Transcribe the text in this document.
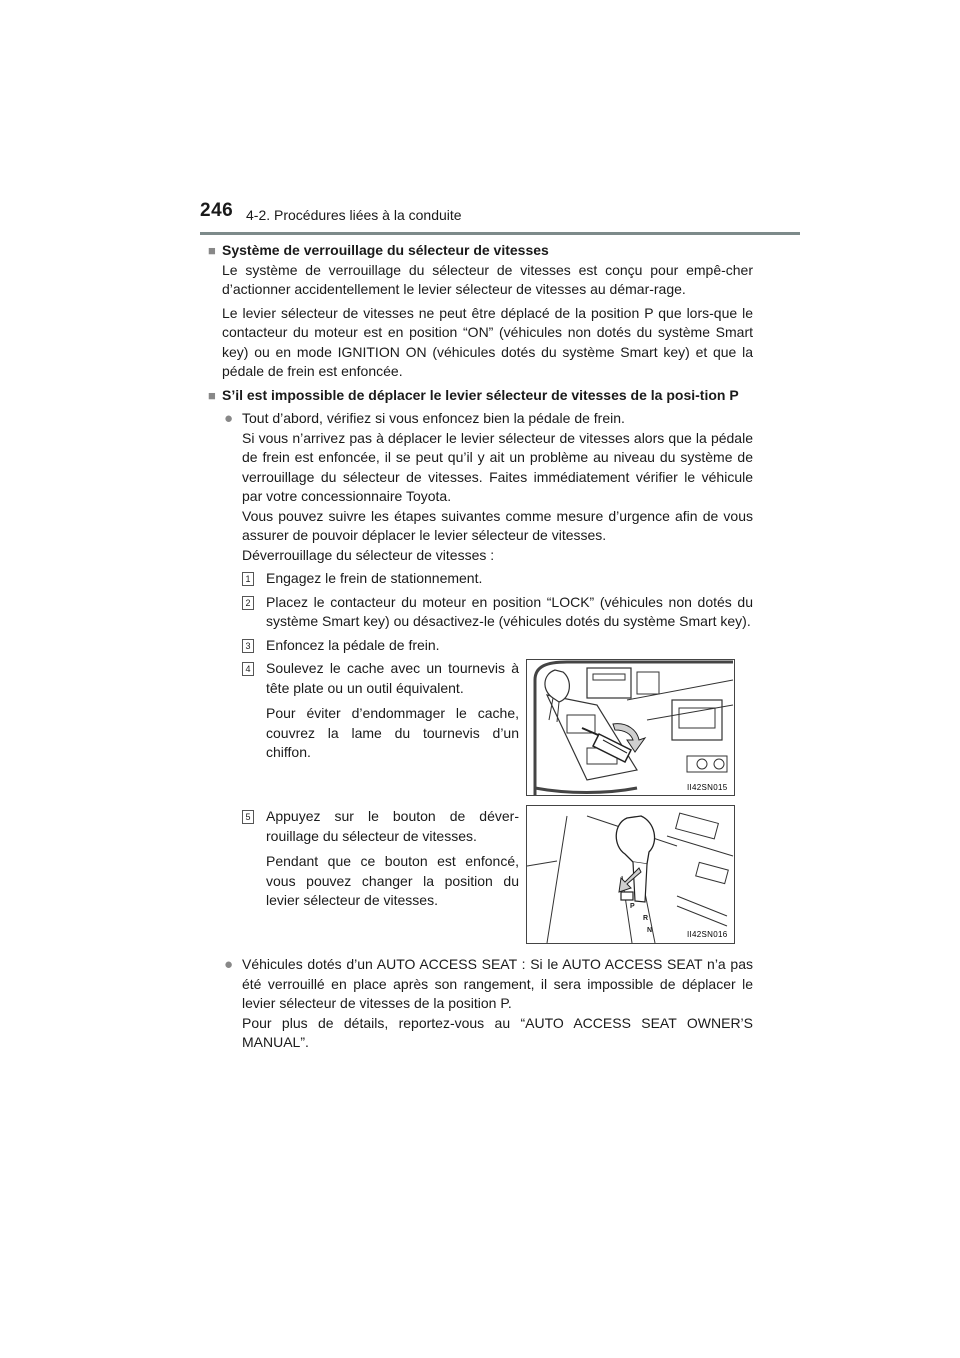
246 4-2. Procédures liées à la conduite
■ Système de verrouillage du sélecteur de vitesses

Le système de verrouillage du sélecteur de vitesses est conçu pour empê-cher d’actionner accidentellement le levier sélecteur de vitesses au démar-rage.

Le levier sélecteur de vitesses ne peut être déplacé de la position P que lors-que le contacteur du moteur est en position “ON” (véhicules non dotés du système Smart key) ou en mode IGNITION ON (véhicules dotés du système Smart key) et que la pédale de frein est enfoncée.

■ S’il est impossible de déplacer le levier sélecteur de vitesses de la posi-tion P
● Tout d’abord, vérifiez si vous enfoncez bien la pédale de frein.
Si vous n’arrivez pas à déplacer le levier sélecteur de vitesses alors que la pédale de frein est enfoncée, il se peut qu’il y ait un problème au niveau du système de verrouillage du sélecteur de vitesses. Faites immédiatement vérifier le véhicule par votre concessionnaire Toyota.
Vous pouvez suivre les étapes suivantes comme mesure d’urgence afin de vous assurer de pouvoir déplacer le levier sélecteur de vitesses.
Déverrouillage du sélecteur de vitesses :
1 Engagez le frein de stationnement.
2 Placez le contacteur du moteur en position “LOCK” (véhicules non dotés du système Smart key) ou désactivez-le (véhicules dotés du système Smart key).
3 Enfoncez la pédale de frein.
4 Soulevez le cache avec un tournevis à tête plate ou un outil équivalent.
Pour éviter d’endommager le cache, couvrez la lame du tournevis d’un chiffon.
II42SN015
5 Appuyez sur le bouton de déver-rouillage du sélecteur de vitesses.
Pendant que ce bouton est enfoncé, vous pouvez changer la position du levier sélecteur de vitesses.	P
R
N	II42SN016
● Véhicules dotés d’un AUTO ACCESS SEAT : Si le AUTO ACCESS SEAT n’a pas été verrouillé en place après son rangement, il sera impossible de déplacer le levier sélecteur de vitesses de la position P.
Pour plus de détails, reportez-vous au “AUTO ACCESS SEAT OWNER’S MANUAL”.
